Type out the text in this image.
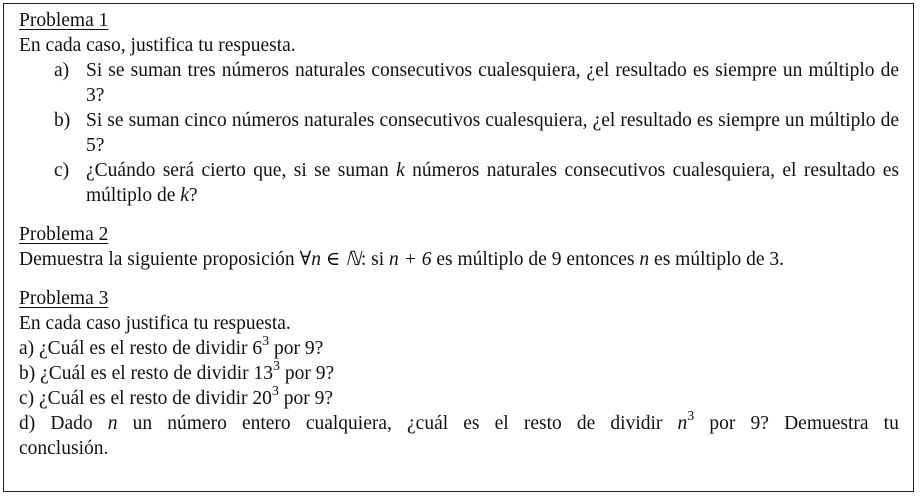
Problema 1

En cada caso, justifica tu respuesta.

a) Si se suman tres números naturales consecutivos cualesquiera, ¿el resultado es siempre un múltiplo de 3?
b) Si se suman cinco números naturales consecutivos cualesquiera, ¿el resultado es siempre un múltiplo de 5?
c) ¿Cuándo será cierto que, si se suman k números naturales consecutivos cualesquiera, el resultado es múltiplo de k?

Problema 2

Demuestra la siguiente proposición ∀n ∈ ℕ: si n + 6 es múltiplo de 9 entonces n es múltiplo de 3.

Problema 3

En cada caso justifica tu respuesta.

a) ¿Cuál es el resto de dividir $6^3$ por 9?

b) ¿Cuál es el resto de dividir $13^3$ por 9?

c) ¿Cuál es el resto de dividir $20^3$ por 9?

d) Dado n un número entero cualquiera, ¿cuál es el resto de dividir $n^3$ por 9? Demuestra tu

conclusión.
